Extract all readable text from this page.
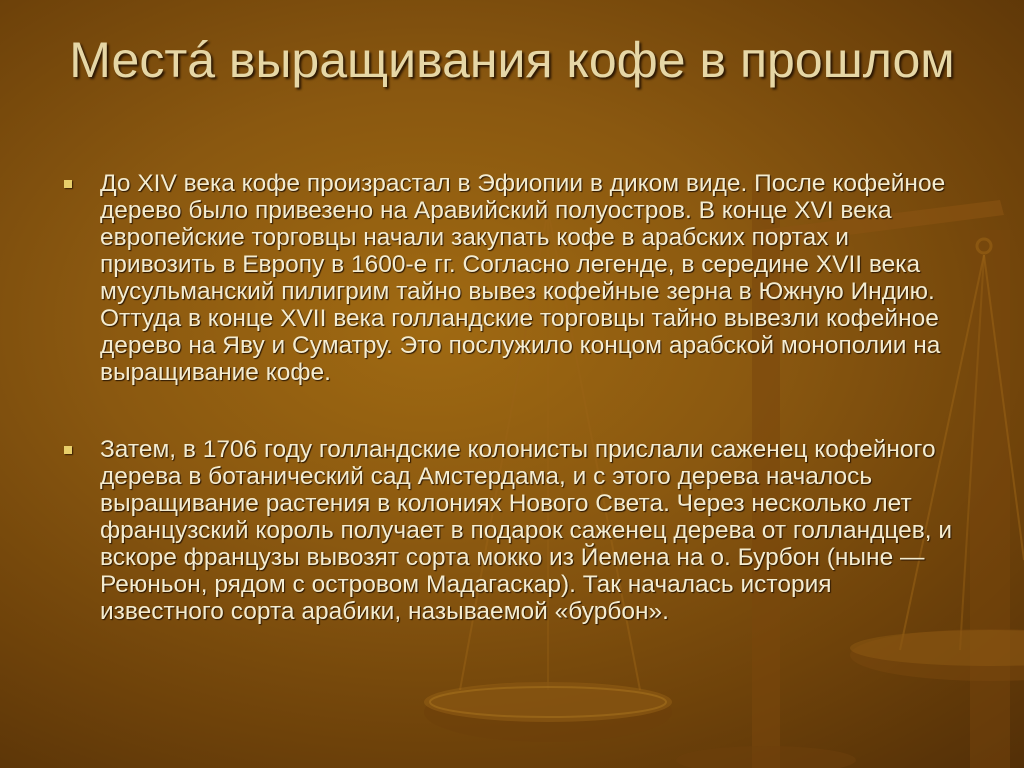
Местá выращивания кофе в прошлом
До XIV века кофе произрастал в Эфиопии в диком виде. После кофейное дерево было привезено на Аравийский полуостров. В конце XVI века европейские торговцы начали закупать кофе в арабских портах и привозить в Европу в 1600-е гг. Согласно легенде, в середине XVII века мусульманский пилигрим тайно вывез кофейные зерна в Южную Индию. Оттуда в конце XVII века голландские торговцы тайно вывезли кофейное дерево на Яву и Суматру. Это послужило концом арабской монополии на выращивание кофе.
Затем, в 1706 году голландские колонисты прислали саженец кофейного дерева в ботанический сад Амстердама, и с этого дерева началось выращивание растения в колониях Нового Света. Через несколько лет французский король получает в подарок саженец дерева от голландцев, и вскоре французы вывозят сорта мокко из Йемена на о. Бурбон (ныне — Реюньон, рядом с островом Мадагаскар). Так началась история известного сорта арабики, называемой «бурбон».
